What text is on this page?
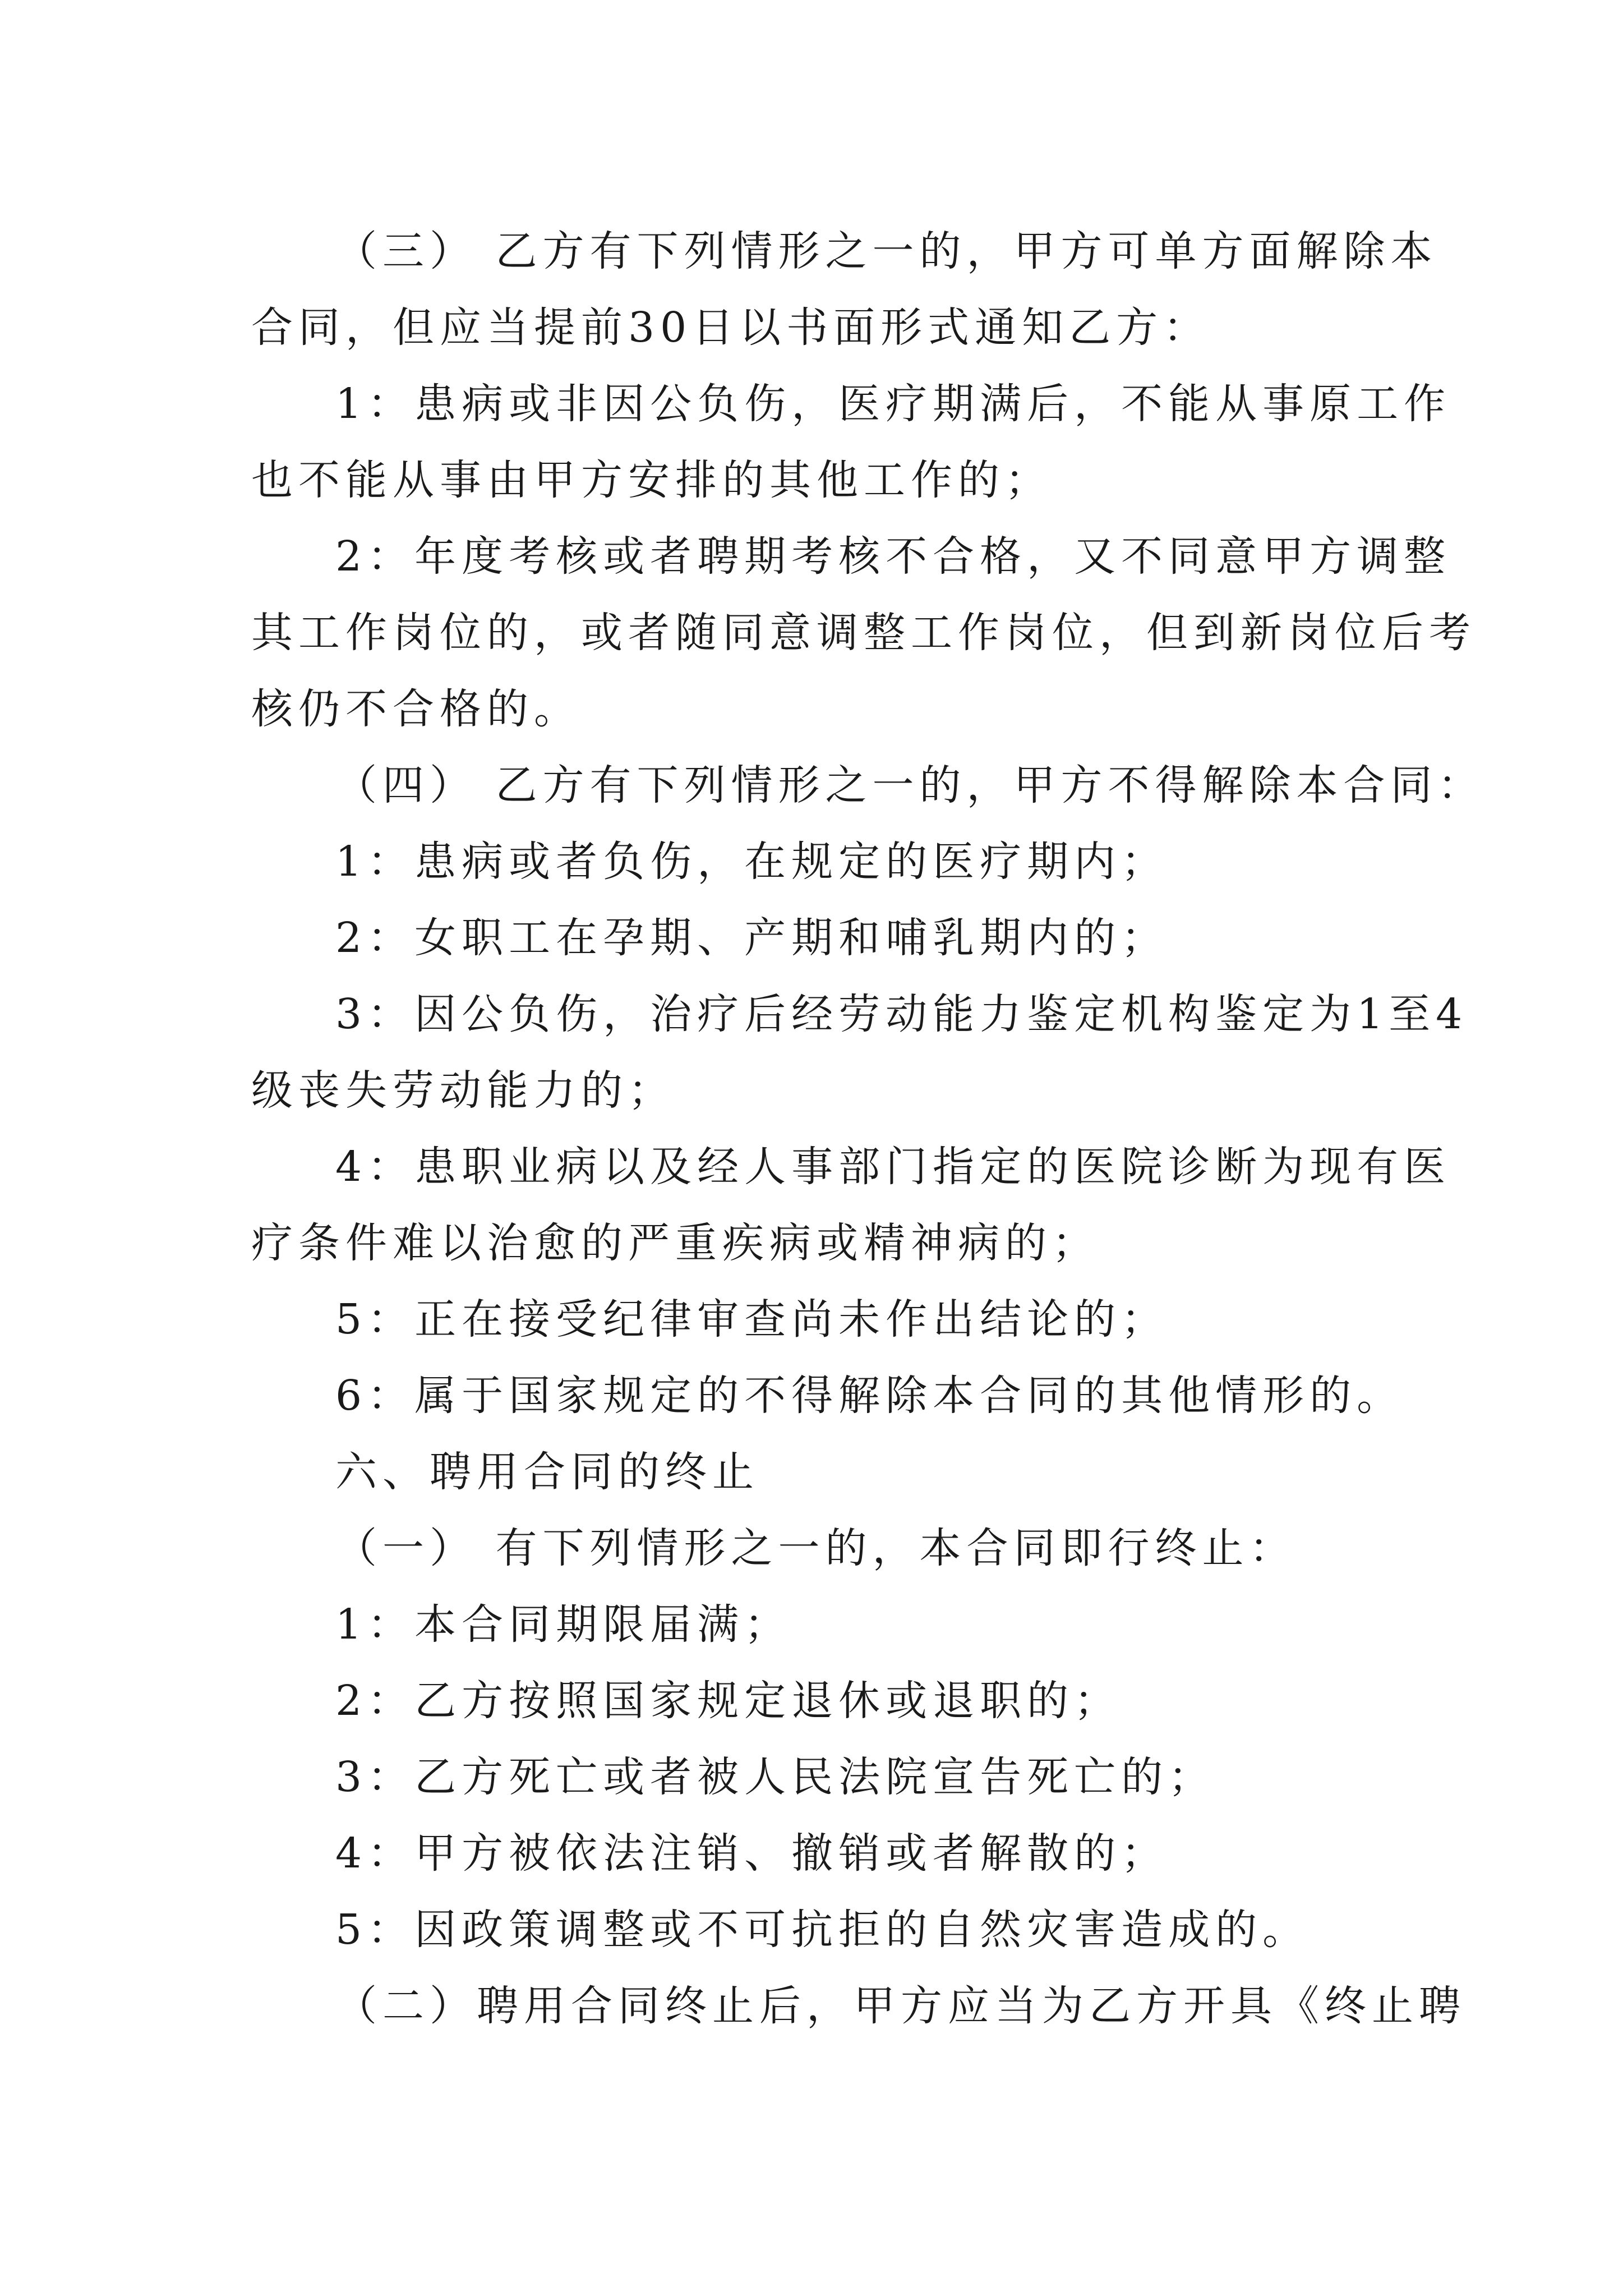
（三） 乙方有下列情形之一的，甲方可单方面解除本

合同，但应当提前30日以书面形式通知乙方：

1：患病或非因公负伤，医疗期满后，不能从事原工作

也不能从事由甲方安排的其他工作的；

2：年度考核或者聘期考核不合格，又不同意甲方调整

其工作岗位的，或者随同意调整工作岗位，但到新岗位后考

核仍不合格的。

（四） 乙方有下列情形之一的，甲方不得解除本合同：

1：患病或者负伤，在规定的医疗期内；

2：女职工在孕期、产期和哺乳期内的；

3：因公负伤，治疗后经劳动能力鉴定机构鉴定为1至4

级丧失劳动能力的；

4：患职业病以及经人事部门指定的医院诊断为现有医

疗条件难以治愈的严重疾病或精神病的；

5：正在接受纪律审查尚未作出结论的；

6：属于国家规定的不得解除本合同的其他情形的。

六、聘用合同的终止

（一） 有下列情形之一的，本合同即行终止：

1：本合同期限届满；

2：乙方按照国家规定退休或退职的；

3：乙方死亡或者被人民法院宣告死亡的；

4：甲方被依法注销、撤销或者解散的；

5：因政策调整或不可抗拒的自然灾害造成的。

（二）聘用合同终止后，甲方应当为乙方开具《终止聘
